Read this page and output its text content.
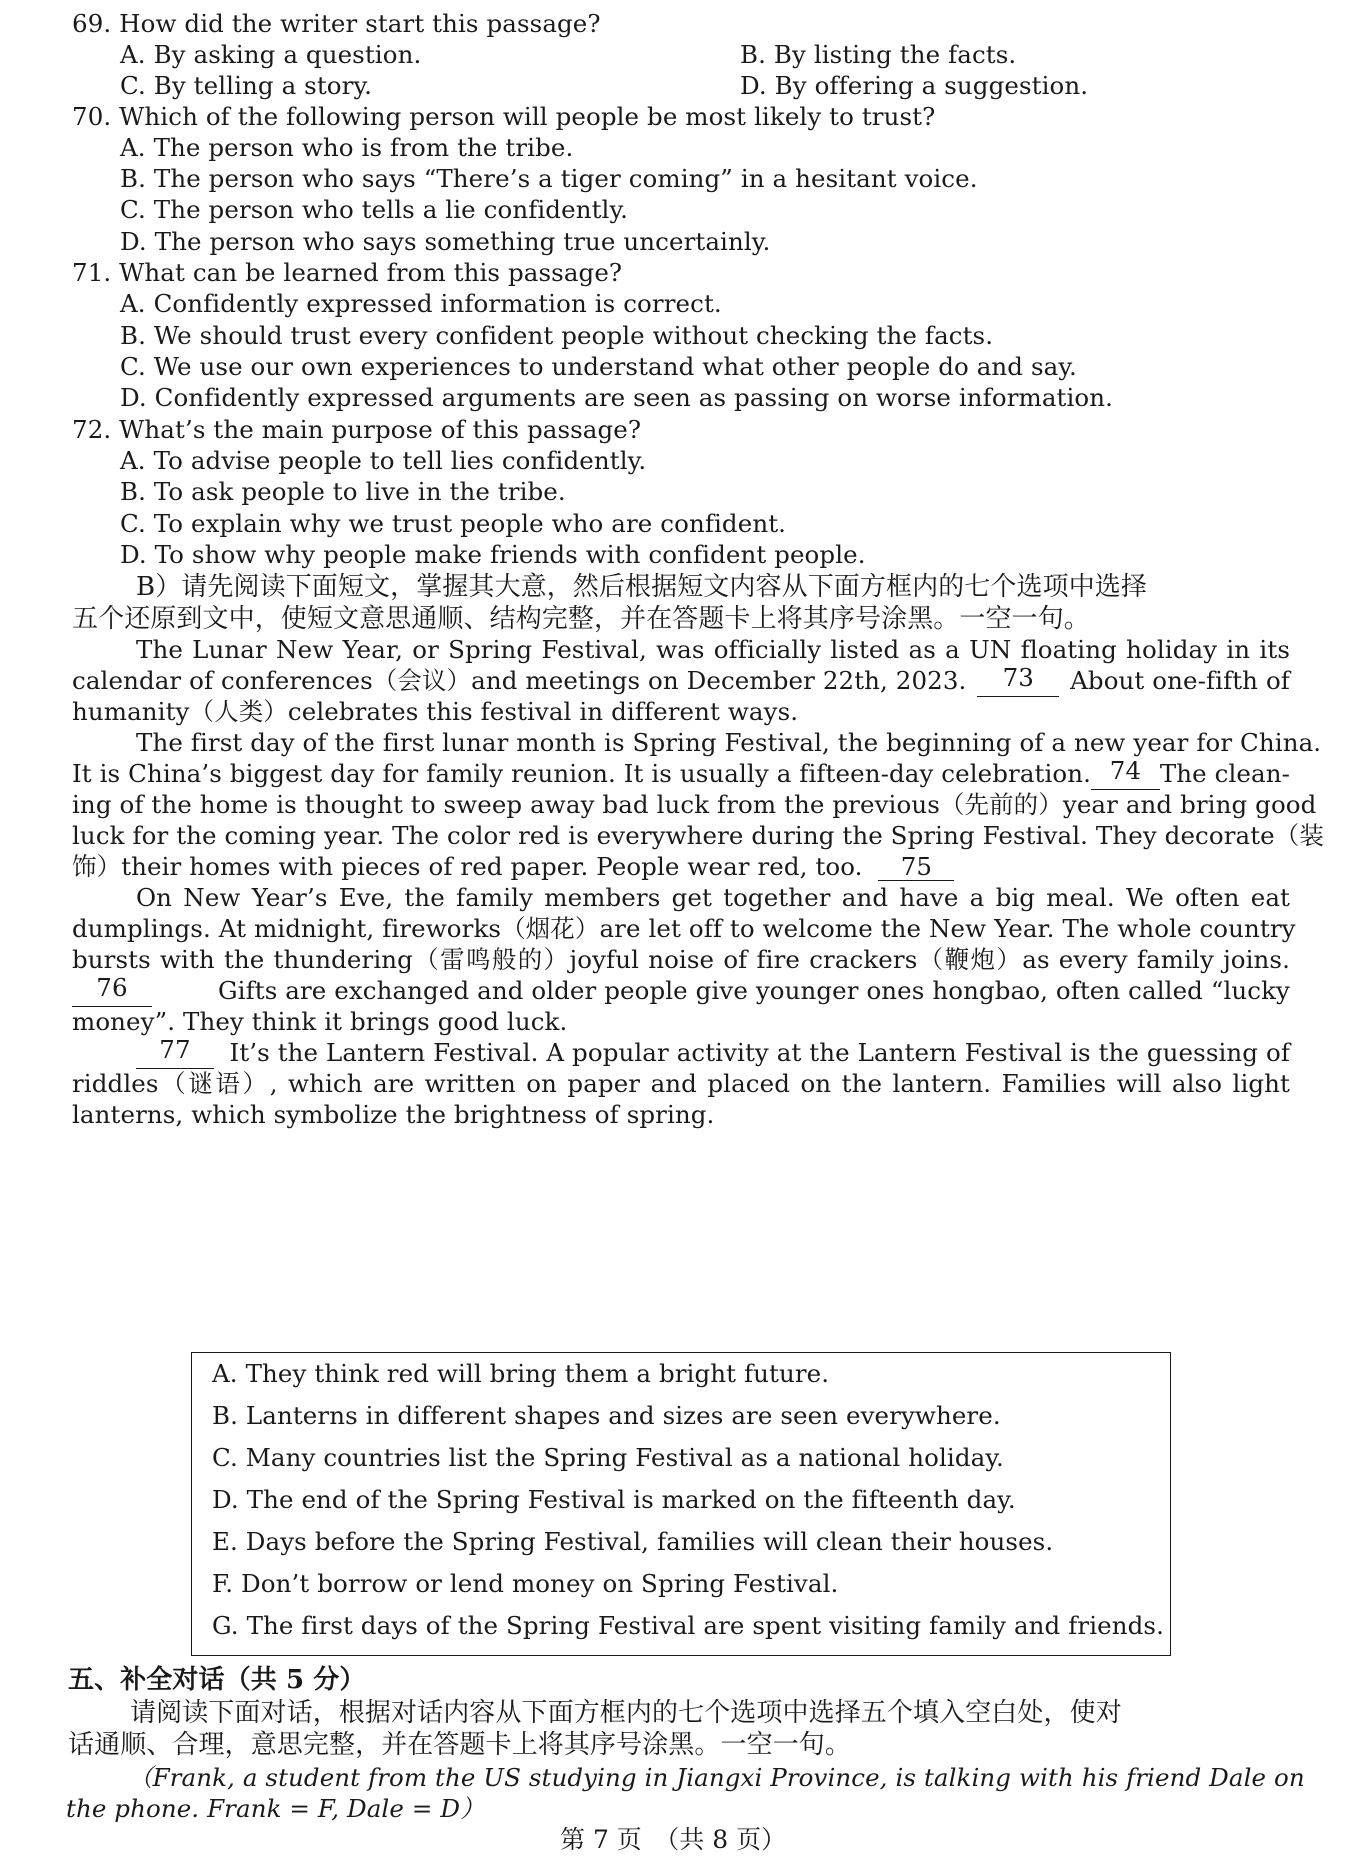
69. How did the writer start this passage?
A. By asking a question.	B. By listing the facts.
C. By telling a story.	D. By offering a suggestion.
70. Which of the following person will people be most likely to trust?
A. The person who is from the tribe.
B. The person who says “There’s a tiger coming” in a hesitant voice.
C. The person who tells a lie confidently.
D. The person who says something true uncertainly.
71. What can be learned from this passage?
A. Confidently expressed information is correct.
B. We should trust every confident people without checking the facts.
C. We use our own experiences to understand what other people do and say.
D. Confidently expressed arguments are seen as passing on worse information.
72. What’s the main purpose of this passage?
A. To advise people to tell lies confidently.
B. To ask people to live in the tribe.
C. To explain why we trust people who are confident.
D. To show why people make friends with confident people.
B）请先阅读下面短文，掌握其大意，然后根据短文内容从下面方框内的七个选项中选择
五个还原到文中，使短文意思通顺、结构完整，并在答题卡上将其序号涂黑。一空一句。
The Lunar New Year, or Spring Festival, was officially listed as a UN floating holiday in its
calendar of conferences（会议）and meetings on December 22th, 2023.	73	About one-fifth of
humanity（人类）celebrates this festival in different ways.
The first day of the first lunar month is Spring Festival, the beginning of a new year for China.
It is China’s biggest day for family reunion. It is usually a fifteen-day celebration. 74 The clean-
ing of the home is thought to sweep away bad luck from the previous（先前的）year and bring good
luck for the coming year. The color red is everywhere during the Spring Festival. They decorate（装
饰）their homes with pieces of red paper. People wear red, too. 75
On New Year’s Eve, the family members get together and have a big meal. We often eat
dumplings. At midnight, fireworks（烟花）are let off to welcome the New Year. The whole country
bursts with the thundering（雷鸣般的）joyful noise of fire crackers（鞭炮）as every family joins.
76	Gifts are exchanged and older people give younger ones hongbao, often called “lucky
money”. They think it brings good luck.
77	It’s the Lantern Festival. A popular activity at the Lantern Festival is the guessing of
riddles（谜语）, which are written on paper and placed on the lantern. Families will also light
lanterns, which symbolize the brightness of spring.
A. They think red will bring them a bright future.
B. Lanterns in different shapes and sizes are seen everywhere.
C. Many countries list the Spring Festival as a national holiday.
D. The end of the Spring Festival is marked on the fifteenth day.
E. Days before the Spring Festival, families will clean their houses.
F. Don’t borrow or lend money on Spring Festival.
G. The first days of the Spring Festival are spent visiting family and friends.
五、补全对话（共 5 分）
请阅读下面对话，根据对话内容从下面方框内的七个选项中选择五个填入空白处，使对
话通顺、合理，意思完整，并在答题卡上将其序号涂黑。一空一句。
（Frank, a student from the US studying in Jiangxi Province, is talking with his friend Dale on
the phone. Frank = F, Dale = D）
第 7 页　（共 8 页）
